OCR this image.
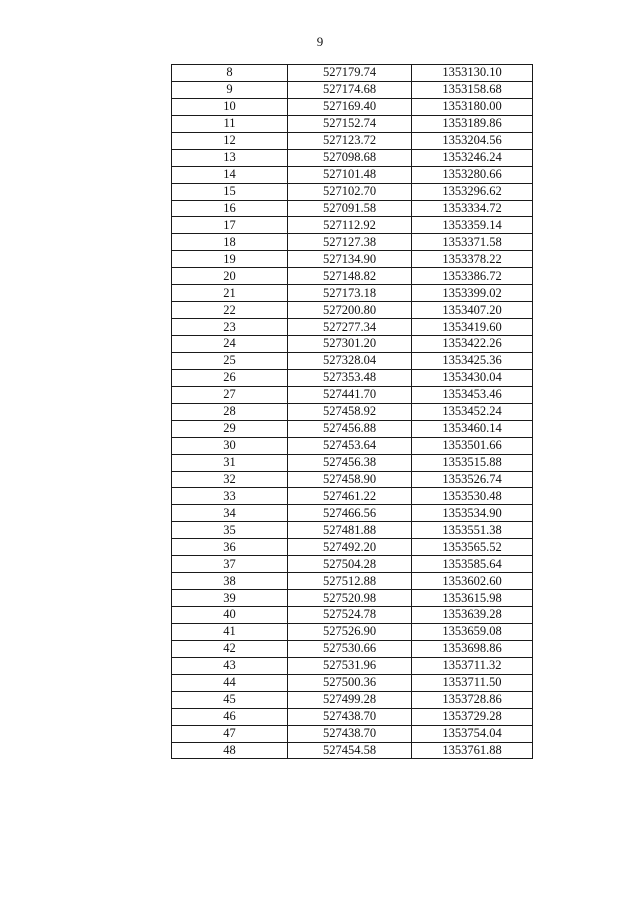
9
8	527179.74	1353130.10
9	527174.68	1353158.68
10	527169.40	1353180.00
11	527152.74	1353189.86
12	527123.72	1353204.56
13	527098.68	1353246.24
14	527101.48	1353280.66
15	527102.70	1353296.62
16	527091.58	1353334.72
17	527112.92	1353359.14
18	527127.38	1353371.58
19	527134.90	1353378.22
20	527148.82	1353386.72
21	527173.18	1353399.02
22	527200.80	1353407.20
23	527277.34	1353419.60
24	527301.20	1353422.26
25	527328.04	1353425.36
26	527353.48	1353430.04
27	527441.70	1353453.46
28	527458.92	1353452.24
29	527456.88	1353460.14
30	527453.64	1353501.66
31	527456.38	1353515.88
32	527458.90	1353526.74
33	527461.22	1353530.48
34	527466.56	1353534.90
35	527481.88	1353551.38
36	527492.20	1353565.52
37	527504.28	1353585.64
38	527512.88	1353602.60
39	527520.98	1353615.98
40	527524.78	1353639.28
41	527526.90	1353659.08
42	527530.66	1353698.86
43	527531.96	1353711.32
44	527500.36	1353711.50
45	527499.28	1353728.86
46	527438.70	1353729.28
47	527438.70	1353754.04
48	527454.58	1353761.88
